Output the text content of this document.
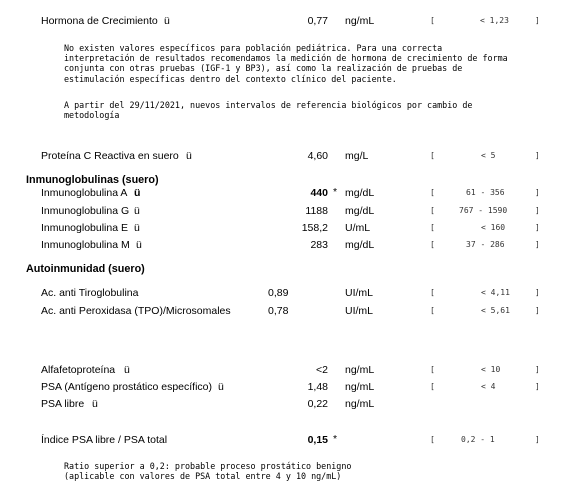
Hormona de Crecimiento ü	0,77 ng/mL	[	< 1,23	]
No existen valores específicos para población pediátrica. Para una correcta
interpretación de resultados recomendamos la medición de hormona de crecimiento de forma
conjunta con otras pruebas (IGF-1 y BP3), así como la realización de pruebas de
estimulación específicas dentro del contexto clínico del paciente.
A partir del 29/11/2021, nuevos intervalos de referencia biológicos por cambio de
metodología
Proteína C Reactiva en suero ü	4,60 mg/L	[	< 5	]
Inmunoglobulinas (suero)
Inmunoglobulina A ü	440 * mg/dL	[	61 - 356	]
Inmunoglobulina G ü	1188 mg/dL	[	767 - 1590	]
Inmunoglobulina E ü	158,2 U/mL	[	< 160	]
Inmunoglobulina M ü	283 mg/dL	[	37 - 286	]
Autoinmunidad (suero)
Ac. anti Tiroglobulina	0,89	UI/mL	[	< 4,11	]
Ac. anti Peroxidasa (TPO)/Microsomales	0,78	UI/mL	[	< 5,61	]
Alfafetoproteína ü	<2 ng/mL	[	< 10	]
PSA (Antígeno prostático específico) ü	1,48 ng/mL	[	< 4	]
PSA libre ü	0,22 ng/mL
Índice PSA libre / PSA total	0,15 *	[	0,2 - 1	]
Ratio superior a 0,2: probable proceso prostático benigno
(aplicable con valores de PSA total entre 4 y 10 ng/mL)
